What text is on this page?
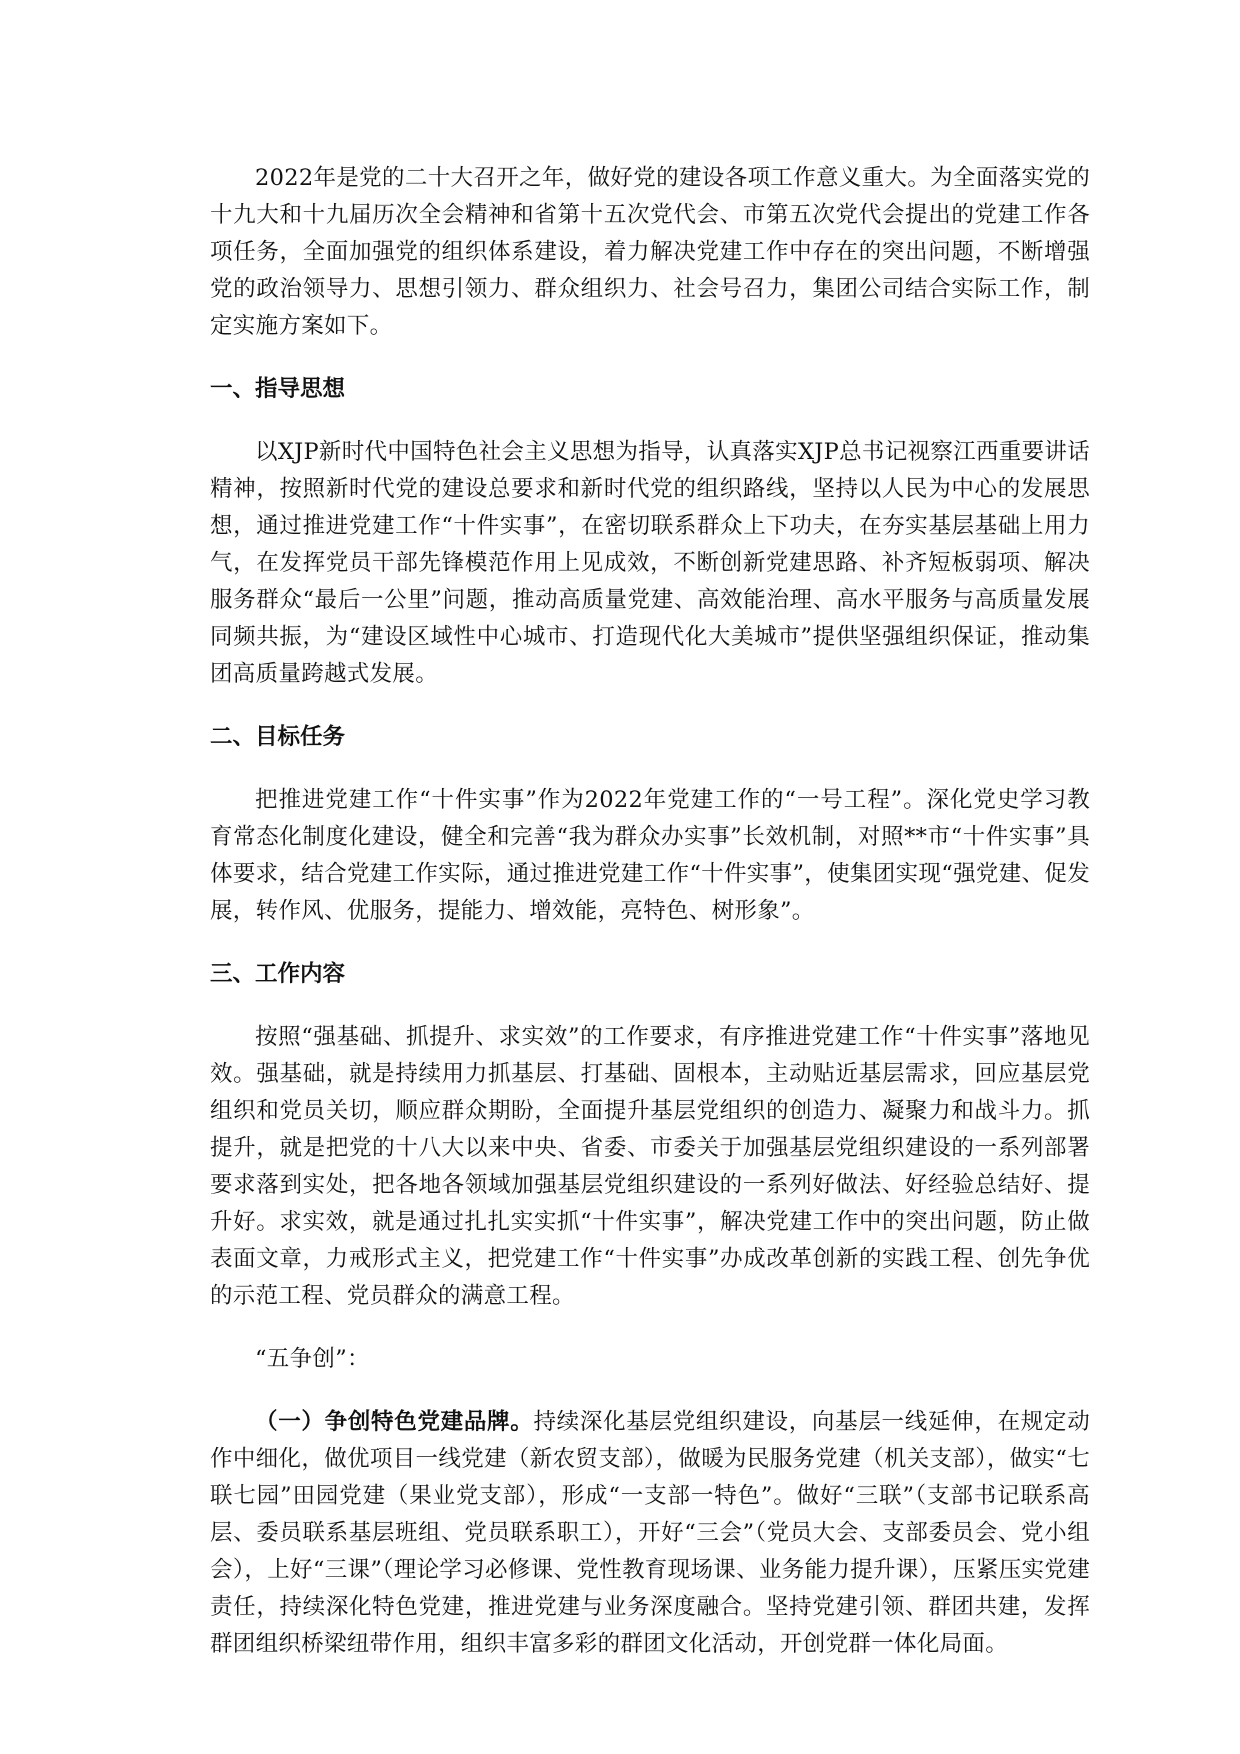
2022年是党的二十大召开之年，做好党的建设各项工作意义重大。为全面落实党的十九大和十九届历次全会精神和省第十五次党代会、市第五次党代会提出的党建工作各项任务，全面加强党的组织体系建设，着力解决党建工作中存在的突出问题，不断增强党的政治领导力、思想引领力、群众组织力、社会号召力，集团公司结合实际工作，制定实施方案如下。

一、指导思想

以XJP新时代中国特色社会主义思想为指导，认真落实XJP总书记视察江西重要讲话精神，按照新时代党的建设总要求和新时代党的组织路线，坚持以人民为中心的发展思想，通过推进党建工作“十件实事”，在密切联系群众上下功夫，在夯实基层基础上用力气，在发挥党员干部先锋模范作用上见成效，不断创新党建思路、补齐短板弱项、解决服务群众“最后一公里”问题，推动高质量党建、高效能治理、高水平服务与高质量发展同频共振，为“建设区域性中心城市、打造现代化大美城市”提供坚强组织保证，推动集团高质量跨越式发展。

二、目标任务

把推进党建工作“十件实事”作为2022年党建工作的“一号工程”。深化党史学习教育常态化制度化建设，健全和完善“我为群众办实事”长效机制，对照**市“十件实事”具体要求，结合党建工作实际，通过推进党建工作“十件实事”，使集团实现“强党建、促发展，转作风、优服务，提能力、增效能，亮特色、树形象”。

三、工作内容

按照“强基础、抓提升、求实效”的工作要求，有序推进党建工作“十件实事”落地见效。强基础，就是持续用力抓基层、打基础、固根本，主动贴近基层需求，回应基层党组织和党员关切，顺应群众期盼，全面提升基层党组织的创造力、凝聚力和战斗力。抓提升，就是把党的十八大以来中央、省委、市委关于加强基层党组织建设的一系列部署要求落到实处，把各地各领域加强基层党组织建设的一系列好做法、好经验总结好、提升好。求实效，就是通过扎扎实实抓“十件实事”，解决党建工作中的突出问题，防止做表面文章，力戒形式主义，把党建工作“十件实事”办成改革创新的实践工程、创先争优的示范工程、党员群众的满意工程。

“五争创”：

（一）争创特色党建品牌。持续深化基层党组织建设，向基层一线延伸，在规定动作中细化，做优项目一线党建（新农贸支部），做暖为民服务党建（机关支部），做实“七联七园”田园党建（果业党支部），形成“一支部一特色”。做好“三联”（支部书记联系高层、委员联系基层班组、党员联系职工），开好“三会”（党员大会、支部委员会、党小组会），上好“三课”（理论学习必修课、党性教育现场课、业务能力提升课），压紧压实党建责任，持续深化特色党建，推进党建与业务深度融合。坚持党建引领、群团共建，发挥群团组织桥梁纽带作用，组织丰富多彩的群团文化活动，开创党群一体化局面。
